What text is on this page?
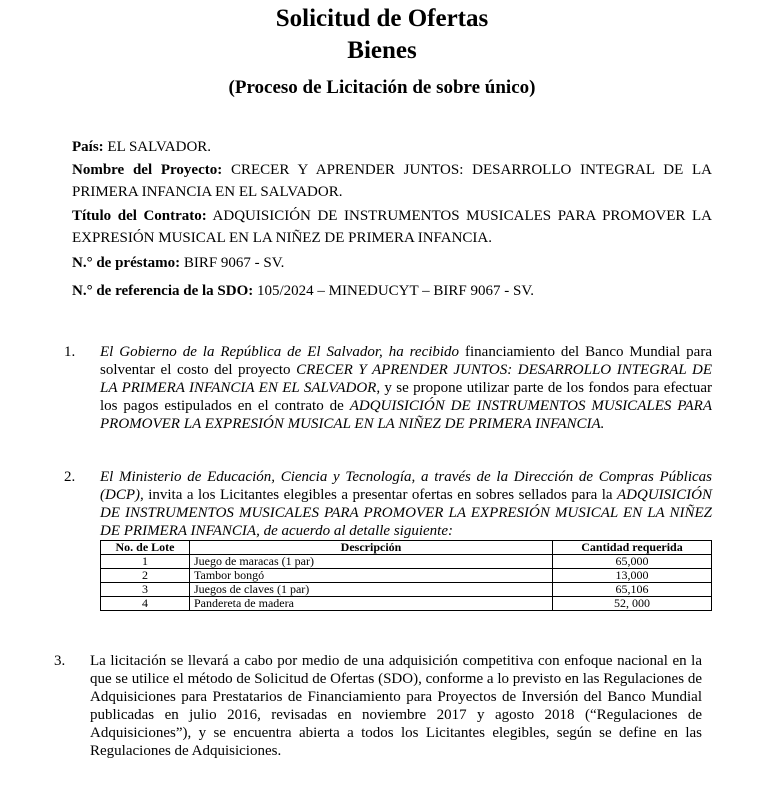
Solicitud de Ofertas
Bienes
(Proceso de Licitación de sobre único)
País: EL SALVADOR.
Nombre del Proyecto: CRECER Y APRENDER JUNTOS: DESARROLLO INTEGRAL DE LA PRIMERA INFANCIA EN EL SALVADOR.
Título del Contrato: ADQUISICIÓN DE INSTRUMENTOS MUSICALES PARA PROMOVER LA EXPRESIÓN MUSICAL EN LA NIÑEZ DE PRIMERA INFANCIA.
N.° de préstamo: BIRF 9067 - SV.
N.° de referencia de la SDO: 105/2024 – MINEDUCYT – BIRF 9067 - SV.
1. El Gobierno de la República de El Salvador, ha recibido financiamiento del Banco Mundial para solventar el costo del proyecto CRECER Y APRENDER JUNTOS: DESARROLLO INTEGRAL DE LA PRIMERA INFANCIA EN EL SALVADOR, y se propone utilizar parte de los fondos para efectuar los pagos estipulados en el contrato de ADQUISICIÓN DE INSTRUMENTOS MUSICALES PARA PROMOVER LA EXPRESIÓN MUSICAL EN LA NIÑEZ DE PRIMERA INFANCIA.
2. El Ministerio de Educación, Ciencia y Tecnología, a través de la Dirección de Compras Públicas (DCP), invita a los Licitantes elegibles a presentar ofertas en sobres sellados para la ADQUISICIÓN DE INSTRUMENTOS MUSICALES PARA PROMOVER LA EXPRESIÓN MUSICAL EN LA NIÑEZ DE PRIMERA INFANCIA, de acuerdo al detalle siguiente:
No. de Lote	Descripción	Cantidad requerida
1	Juego de maracas (1 par)	65,000
2	Tambor bongó	13,000
3	Juegos de claves (1 par)	65,106
4	Pandereta de madera	52, 000
3. La licitación se llevará a cabo por medio de una adquisición competitiva con enfoque nacional en la que se utilice el método de Solicitud de Ofertas (SDO), conforme a lo previsto en las Regulaciones de Adquisiciones para Prestatarios de Financiamiento para Proyectos de Inversión del Banco Mundial publicadas en julio 2016, revisadas en noviembre 2017 y agosto 2018 (“Regulaciones de Adquisiciones”), y se encuentra abierta a todos los Licitantes elegibles, según se define en las Regulaciones de Adquisiciones.
